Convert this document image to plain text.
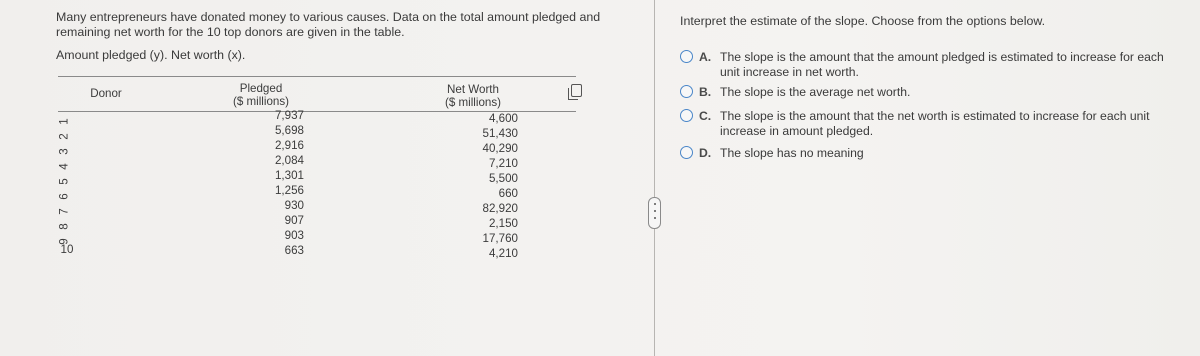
Many entrepreneurs have donated money to various causes. Data on the total amount pledged and
remaining net worth for the 10 top donors are given in the table.
Amount pledged (y). Net worth (x).
Donor	Pledged
($ millions)
Net Worth
($ millions)
1
2
3
4
5
6
7
8
9
10
7,937
5,698
2,916
2,084
1,301
1,256
930
907
903
663
4,600
51,430
40,290
7,210
5,500
660
82,920
2,150
17,760
4,210
Interpret the estimate of the slope. Choose from the options below.
A. The slope is the amount that the amount pledged is estimated to increase for each unit increase in net worth.
B. The slope is the average net worth.
C. The slope is the amount that the net worth is estimated to increase for each unit increase in amount pledged.
D. The slope has no meaning
